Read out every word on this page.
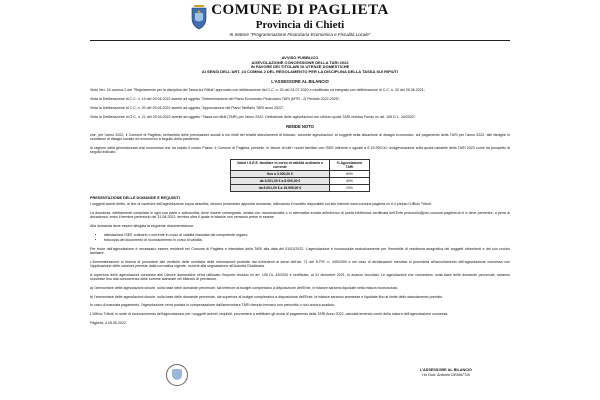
COMUNE DI PAGLIETA
Provincia di Chieti
III Settore "Programmazione Finanziaria Economica e Fiscalità Locale"
AVVISO PUBBLICO
AGEVOLAZIONE CONCESSIONE DELLA TARI 2022
IN FAVORE DEI TITOLARI DI UTENZE DOMESTICHE
AI SENSI DELL'ART. 24 COMMA 2 DEL REGOLAMENTO PER LA DISCIPLINA DELLA TASSA SUI RIFIUTI
L'ASSESSORE AL BILANCIO

Visto l'art. 24 comma 2 del "Regolamento per la disciplina del Tassa sui Rifiuti" approvato con deliberazione del C.C. n. 30 del 31.07.2020 e modificato ed integrato con deliberazione di C.C. n. 32 del 29.06.2021;

Vista la Deliberazione di C.C. n. 19 del 29.04.2022 avente ad oggetto "Determinazione del Piano Economico Finanziario TARI (MTR - 2) Periodo 2022-2025";

Vista la Deliberazione di C.C. n. 20 del 29.04.2022 avente ad oggetto "Approvazione del Piano Tariffario TARI anno 2022";

Vista la Deliberazione di G.C. n. 21 del 29.04.2022 avente ad oggetto "Tassa sui rifiuti (TARI) per l'anno 2022. Definizione delle agevolazioni con utilizzo quota TARI residua Fondo ex art. 106 D.L. 34/2020";

RENDE NOTO

che, per l'anno 2022, il Comune di Paglieta, nell'ambito delle precisazioni sociali a noi limiti del relativi stanziamenti di bilancio, concede agevolazioni, ai soggetti nella situazione di disagio economico, sul pagamento della TARI per l'anno 2022, alle famiglie in condizioni di disagio sociale ed economico a seguito della pandemia.

In ragione della generalizzata crisi economica che ha colpito il nostro Paese, il Comune di Paglieta, prevede, in favore di tutti i nuclei familiari con ISEE inferiore o uguale a € 15.999,00, un'agevolazione sulla quota variabile della TARI 2022 come da prospetto di seguito indicato:

Valori I.S.E.E. familiare in corso di validità ordinario o corrente	% Agevolazione TARI
fino a 3.000,00 €	60%
da 3.001,00 € a 8.000,00 €	40%
da 8.001,00 € a 15.999,00 €	20%
PRESENTAZIONE DELLE DOMANDE E REQUISITI

I soggetti aventi diritto, al fine di usufruire dell'agevolazione sopra descritta, devono presentare apposita domanda, utilizzando il modello disponibile sul sito internet www.comune.paglieta.ch.it o presso l'Ufficio Tributi.

La domanda, debitamente compilata in ogni sua parte e sottoscritta, deve essere consegnata, inviata con raccomandata o in alternativa inviata all'indirizzo di posta elettronica certificata dell'Ente protocollo@pec.comune.paglieta.ch.it e deve pervenire, a pena di decadenza, entro il termine perentorio del 31.08.2022; termine oltre il quale le istanze non verranno prese in esame.

Alla domanda deve essere allegata la seguente documentazione:

• attestazione ISEE ordinario o corrente in corso di validità rilasciata dal competente organo;
• fotocopia del documento di riconoscimento in corso di validità.

Per fruire dell'agevolazione è necessario essere residenti nel Comune di Paglieta e intestatari della TARI alla data del 01/01/2022. L'agevolazione è riconosciuta esclusivamente per l'immobile di residenza anagrafica dei soggetti richiedenti e del suo nucleo familiare.

L'Amministrazione si riserva di procedere alle verifiche delle veridicità delle informazioni prodotte dai richiedenti ai sensi dell'art. 71 del D.P.R. n. 445/2000 e nel caso di dichiarazioni mendaci si procederà all'annullamento dell'agevolazione concessa con l'applicazione delle sanzioni previste dalla normativa vigente, nonché alla segnalazione all'Autorità Giudiziaria.

A copertura delle agevolazioni concesse alle Utenze domestiche verrà utilizzato l'importo residuo ex art. 106 DL 34/2020 e certificato, al 31 dicembre 2021, in avanzo vincolato. Le agevolazioni che concedono, sulla base delle domande pervenute, saranno concesse fino alla concorrenza delle somme stanziate nel bilancio di previsione.

a) l'ammontare delle agevolazioni dovute, sulla base delle domande pervenute, sia inferiore al budget complessivo a disposizione dell'Ente, le istanze saranno liquidate nella misura riconosciuta;

b) l'ammontare delle agevolazioni dovute, sulla base delle domande pervenute, sia superiore al budget complessivo a disposizione dell'Ente, le istanze saranno ammesse e liquidate fino al limite dello stanziamento previsto.

In caso di mancata pagamento, l'agevolazione verrà portata in compensazione dall'ammontare TARI ritenuto inevaso non prescritto o non ancora scaduto.

L'Ufficio Tributi, in sede di riconoscimento dell'agevolazione per i soggetti aventi i requisiti, provvederà a rettificare gli avvisi di pagamento della TARI Anno 2022, calcolati tenendo conto della misura dell'agevolazione concessa.

Paglieta, 4.05.05.2022

L'ASSESSORE AL BILANCIO
f.to Dott. Antonio DEMATTIA
